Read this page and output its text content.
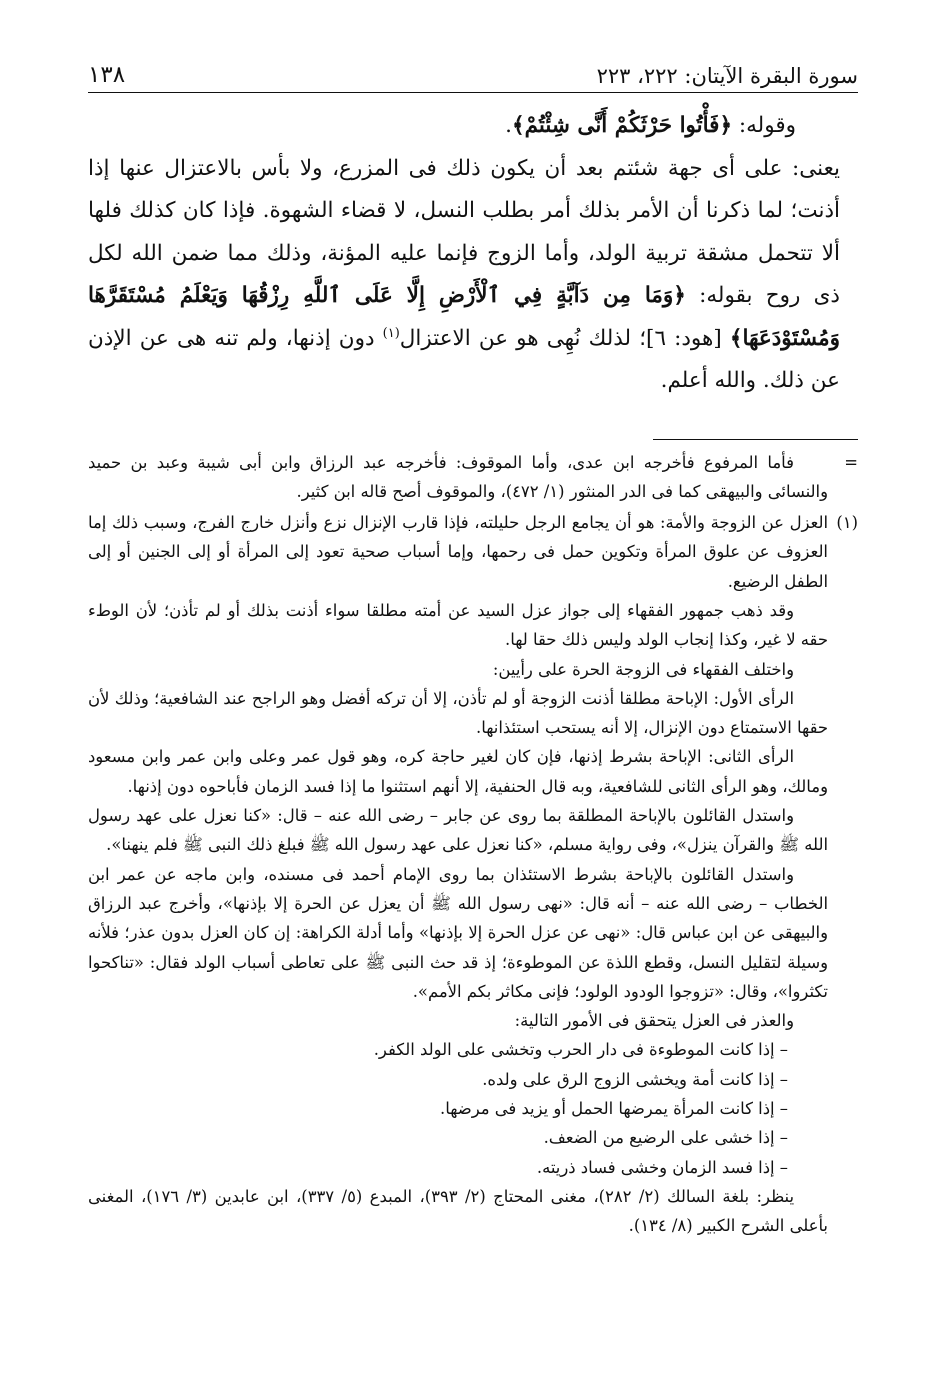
سورة البقرة الآيتان: ٢٢٢، ٢٢٣
١٣٨

وقوله: ﴿فَأْتُوا حَرْثَكُمْ أَنَّى شِئْتُمْ﴾.

يعنى: على أى جهة شئتم بعد أن يكون ذلك فى المزرع، ولا بأس بالاعتزال عنها إذا أذنت؛ لما ذكرنا أن الأمر بذلك أمر بطلب النسل، لا قضاء الشهوة. فإذا كان كذلك فلها ألا تتحمل مشقة تربية الولد، وأما الزوج فإنما عليه المؤنة، وذلك مما ضمن الله لكل ذى روح بقوله: ﴿وَمَا مِن دَآبَّةٍ فِي ٱلْأَرْضِ إِلَّا عَلَى ٱللَّهِ رِزْقُهَا وَيَعْلَمُ مُسْتَقَرَّهَا وَمُسْتَوْدَعَهَا﴾ [هود: ٦]؛ لذلك نُهِى هو عن الاعتزال$^{(١)}$ دون إذنها، ولم تنه هى عن الإذن عن ذلك. والله أعلم.

=

فأما المرفوع فأخرجه ابن عدى، وأما الموقوف: فأخرجه عبد الرزاق وابن أبى شيبة وعبد بن حميد والنسائى والبيهقى كما فى الدر المنثور (١/ ٤٧٢)، والموقوف أصح قاله ابن كثير.

(١)

العزل عن الزوجة والأمة: هو أن يجامع الرجل حليلته، فإذا قارب الإنزال نزع وأنزل خارج الفرج، وسبب ذلك إما العزوف عن علوق المرأة وتكوين حمل فى رحمها، وإما أسباب صحية تعود إلى المرأة أو إلى الجنين أو إلى الطفل الرضيع.

وقد ذهب جمهور الفقهاء إلى جواز عزل السيد عن أمته مطلقا سواء أذنت بذلك أو لم تأذن؛ لأن الوطء حقه لا غير، وكذا إنجاب الولد وليس ذلك حقا لها.

واختلف الفقهاء فى الزوجة الحرة على رأيين:

الرأى الأول: الإباحة مطلقا أذنت الزوجة أو لم تأذن، إلا أن تركه أفضل وهو الراجح عند الشافعية؛ وذلك لأن حقها الاستمتاع دون الإنزال، إلا أنه يستحب استئذانها.

الرأى الثانى: الإباحة بشرط إذنها، فإن كان لغير حاجة كره، وهو قول عمر وعلى وابن عمر وابن مسعود ومالك، وهو الرأى الثانى للشافعية، وبه قال الحنفية، إلا أنهم استثنوا ما إذا فسد الزمان فأباحوه دون إذنها.

واستدل القائلون بالإباحة المطلقة بما روى عن جابر – رضى الله عنه – قال: «كنا نعزل على عهد رسول الله ﷺ والقرآن ينزل»، وفى رواية مسلم، «كنا نعزل على عهد رسول الله ﷺ فبلغ ذلك النبى ﷺ فلم ينهنا».

واستدل القائلون بالإباحة بشرط الاستئذان بما روى الإمام أحمد فى مسنده، وابن ماجه عن عمر ابن الخطاب – رضى الله عنه – أنه قال: «نهى رسول الله ﷺ أن يعزل عن الحرة إلا بإذنها»، وأخرج عبد الرزاق والبيهقى عن ابن عباس قال: «نهى عن عزل الحرة إلا بإذنها» وأما أدلة الكراهة: إن كان العزل بدون عذر؛ فلأنه وسيلة لتقليل النسل، وقطع اللذة عن الموطوءة؛ إذ قد حث النبى ﷺ على تعاطى أسباب الولد فقال: «تناكحوا تكثروا»، وقال: «تزوجوا الودود الولود؛ فإنى مكاثر بكم الأمم».

والعذر فى العزل يتحقق فى الأمور التالية:

– إذا كانت الموطوءة فى دار الحرب وتخشى على الولد الكفر.

– إذا كانت أمة ويخشى الزوج الرق على ولده.

– إذا كانت المرأة يمرضها الحمل أو يزيد فى مرضها.

– إذا خشى على الرضيع من الضعف.

– إذا فسد الزمان وخشى فساد ذريته.

ينظر: بلغة السالك (٢/ ٢٨٢)، مغنى المحتاج (٢/ ٣٩٣)، المبدع (٥/ ٣٣٧)، ابن عابدين (٣/ ١٧٦)، المغنى بأعلى الشرح الكبير (٨/ ١٣٤).
